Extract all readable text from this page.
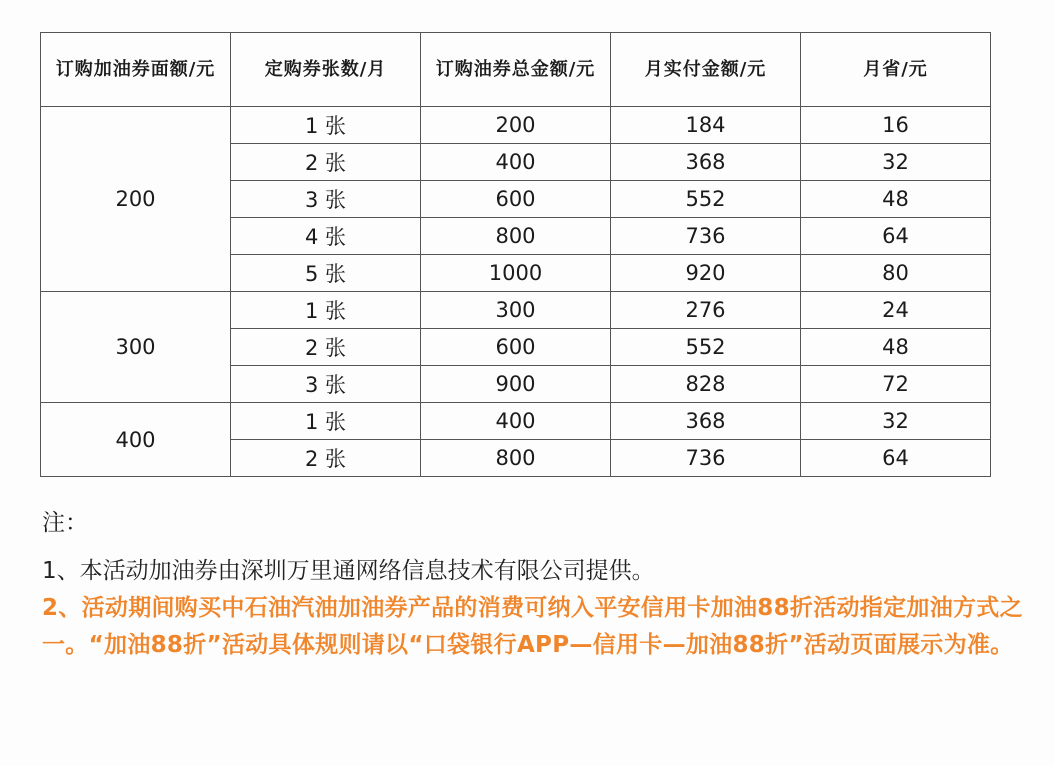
订购加油券面额/元	定购券张数/月	订购油券总金额/元	月实付金额/元	月省/元
200	1 张	200	184	16
	2 张	400	368	32
	3 张	600	552	48
	4 张	800	736	64
	5 张	1000	920	80
300	1 张	300	276	24
	2 张	600	552	48
	3 张	900	828	72
400	1 张	400	368	32
	2 张	800	736	64
注：
1、本活动加油券由深圳万里通网络信息技术有限公司提供。
2、活动期间购买中石油汽油加油券产品的消费可纳入平安信用卡加油88折活动指定加油方式之一。“加油88折”活动具体规则请以“口袋银行APP—信用卡—加油88折”活动页面展示为准。
